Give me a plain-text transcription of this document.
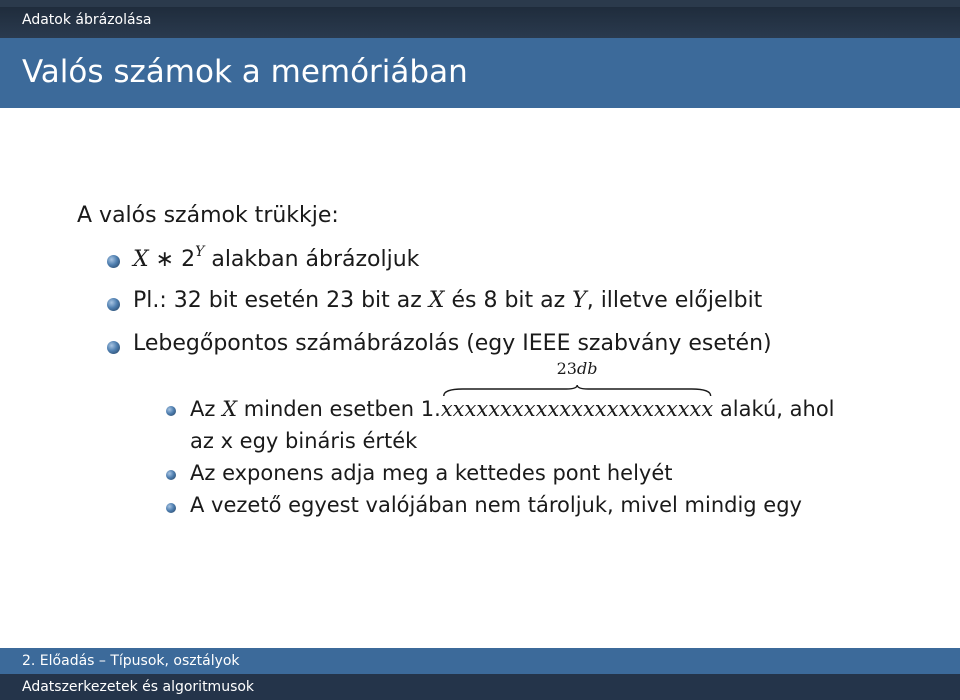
Adatok ábrázolása
Valós számok a memóriában
A valós számok trükkje:
X ∗ $2^Y$ alakban ábrázoljuk
Pl.: 32 bit esetén 23 bit az X és 8 bit az Y, illetve előjelbit
Lebegőpontos számábrázolás (egy IEEE szabvány esetén)
Az X minden esetben 1.
23db
xxxxxxxxxxxxxxxxxxxxxxx alakú, ahol
az x egy bináris érték
Az exponens adja meg a kettedes pont helyét
A vezető egyest valójában nem tároljuk, mivel mindig egy
2. Előadás – Típusok, osztályok
Adatszerkezetek és algoritmusok
